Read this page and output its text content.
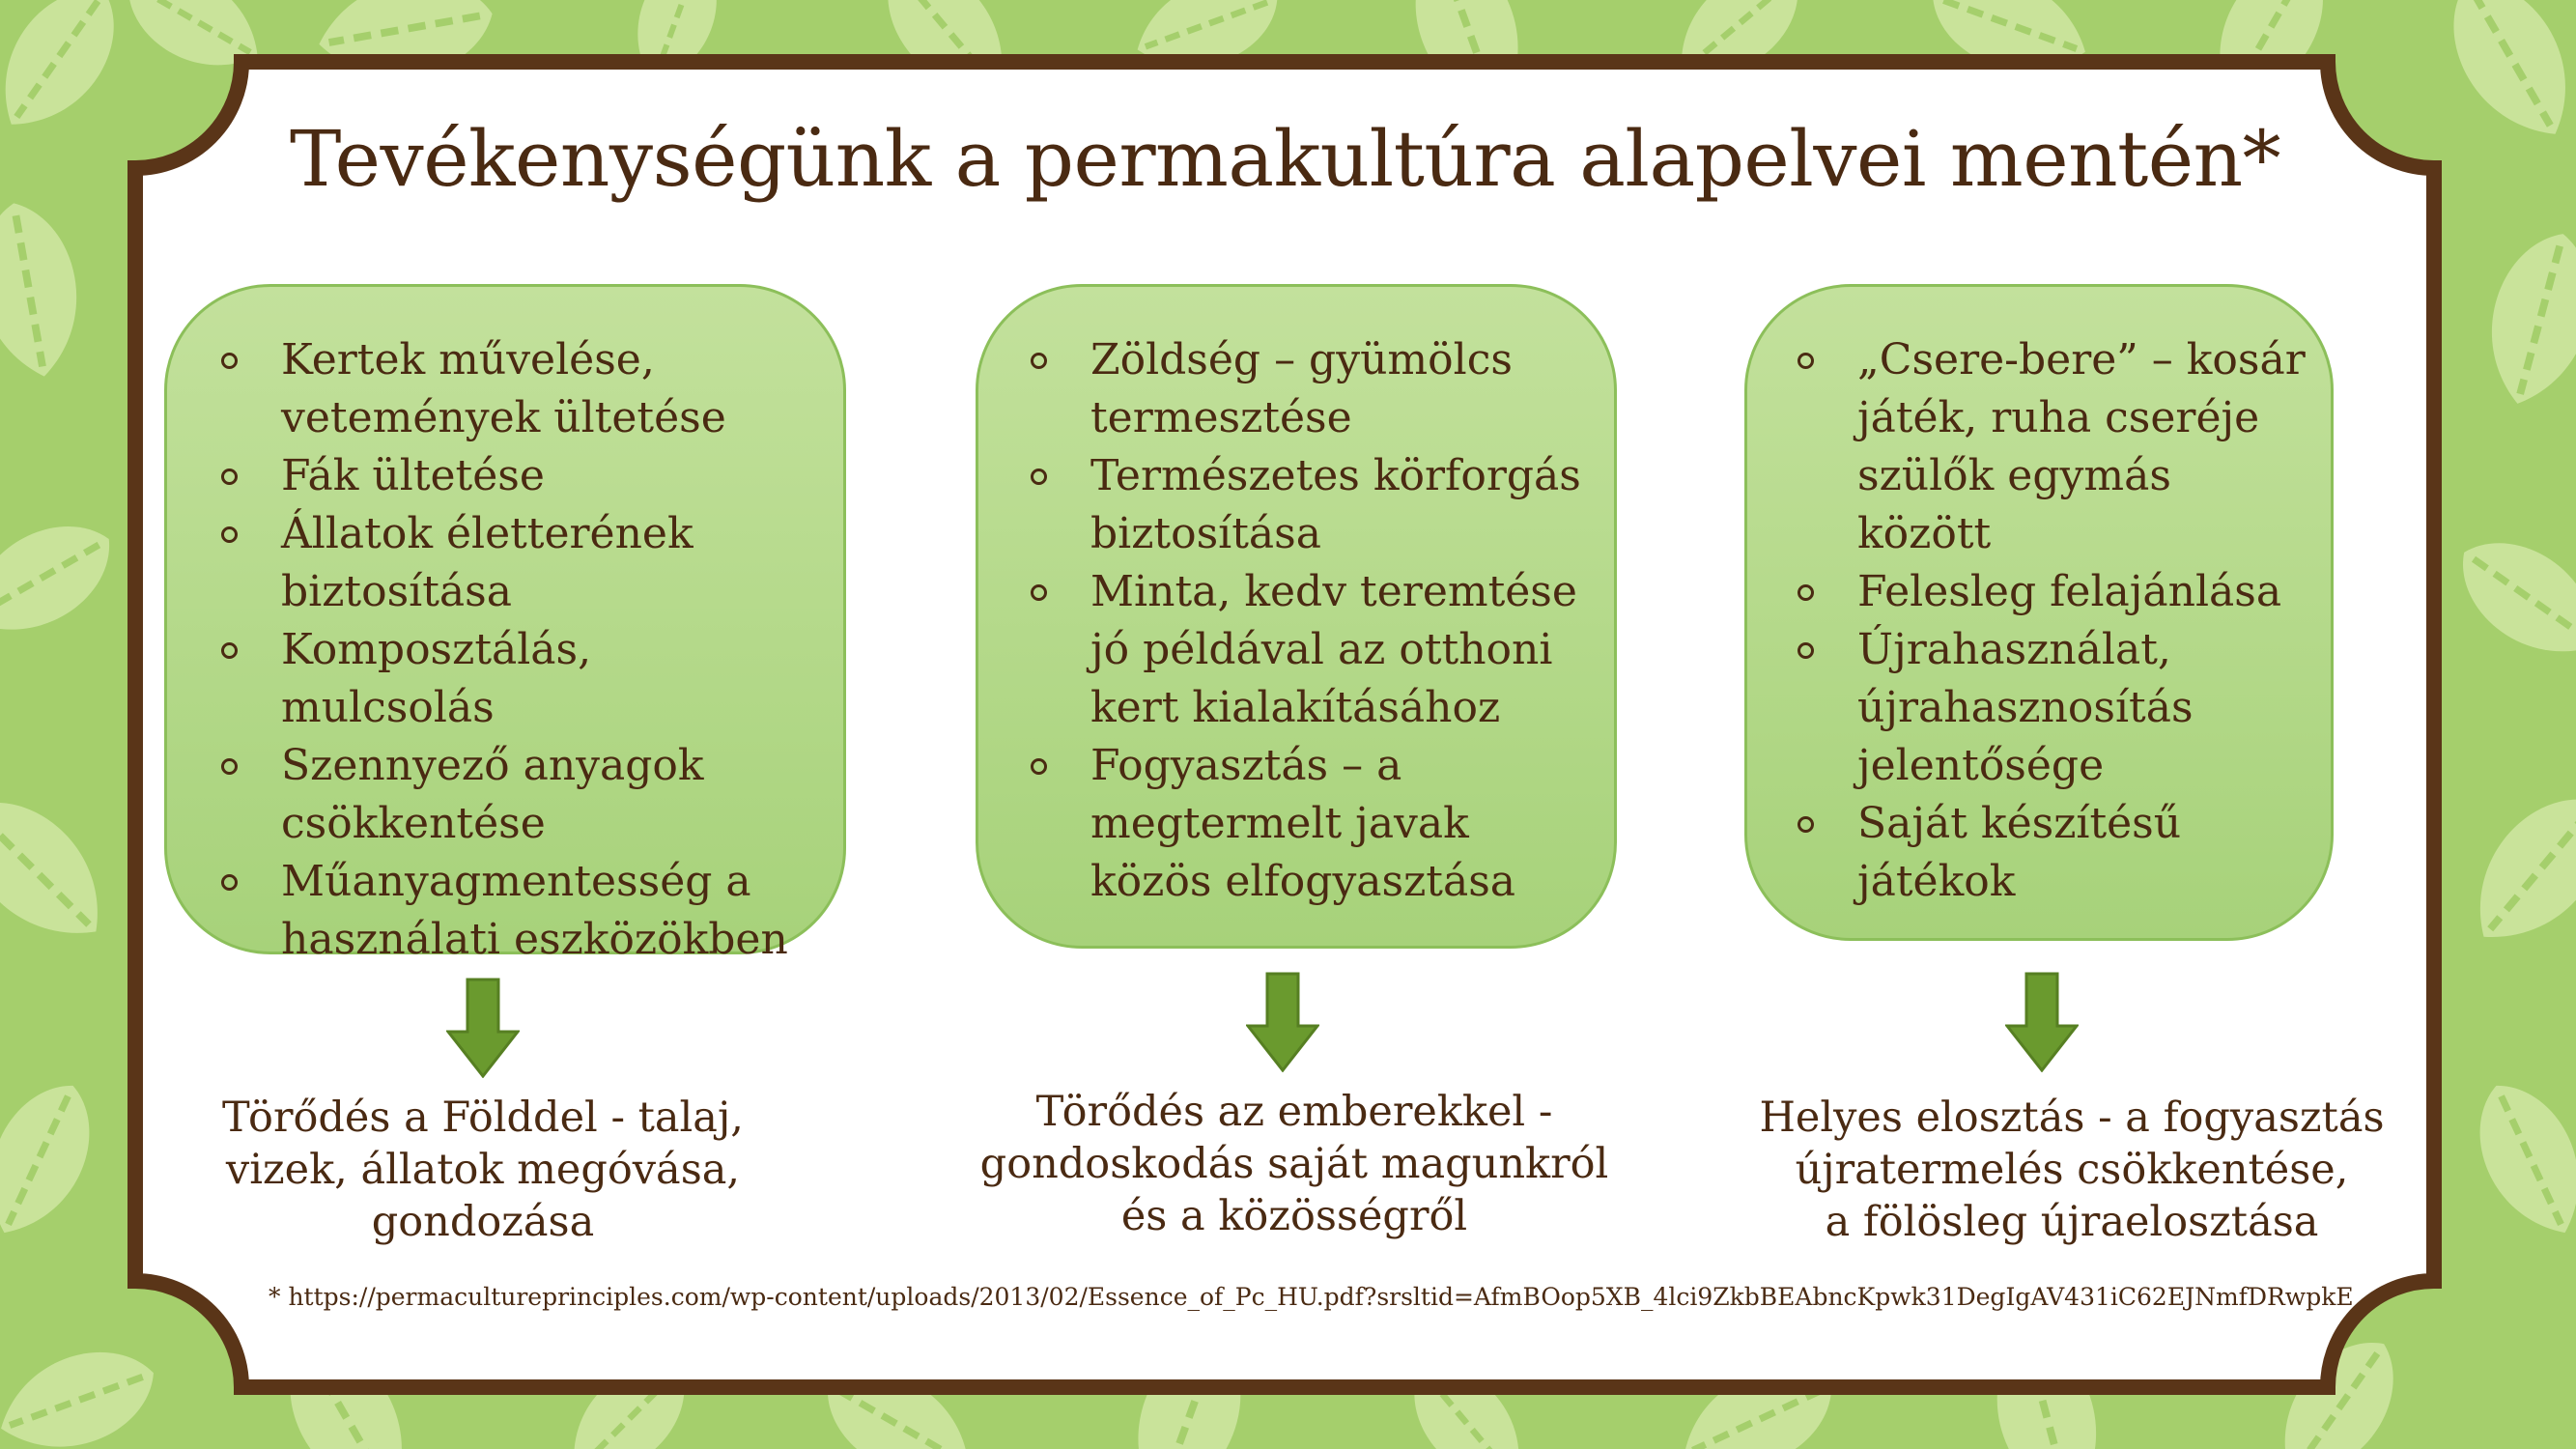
Tevékenységünk a permakultúra alapelvei mentén*
Kertek művelése,
vetemények ültetése
Fák ültetése
Állatok életterének
biztosítása
Komposztálás, mulcsolás
Szennyező anyagok
csökkentése
Műanyagmentesség a
használati eszközökben
Zöldség – gyümölcs
termesztése
Természetes körforgás
biztosítása
Minta, kedv teremtése
jó példával az otthoni
kert kialakításához
Fogyasztás – a
megtermelt javak
közös elfogyasztása
„Csere-bere” – kosár
játék, ruha cseréje
szülők egymás
között
Felesleg felajánlása
Újrahasználat,
újrahasznosítás
jelentősége
Saját készítésű
játékok
Törődés a Földdel - talaj,
vizek, állatok megóvása,
gondozása
Törődés az emberekkel -
gondoskodás saját magunkról
és a közösségről
Helyes elosztás - a fogyasztás
újratermelés csökkentése,
a fölösleg újraelosztása
* https://permacultureprinciples.com/wp-content/uploads/2013/02/Essence_of_Pc_HU.pdf?srsltid=AfmBOop5XB_4lci9ZkbBEAbncKpwk31DegIgAV431iC62EJNmfDRwpkE
